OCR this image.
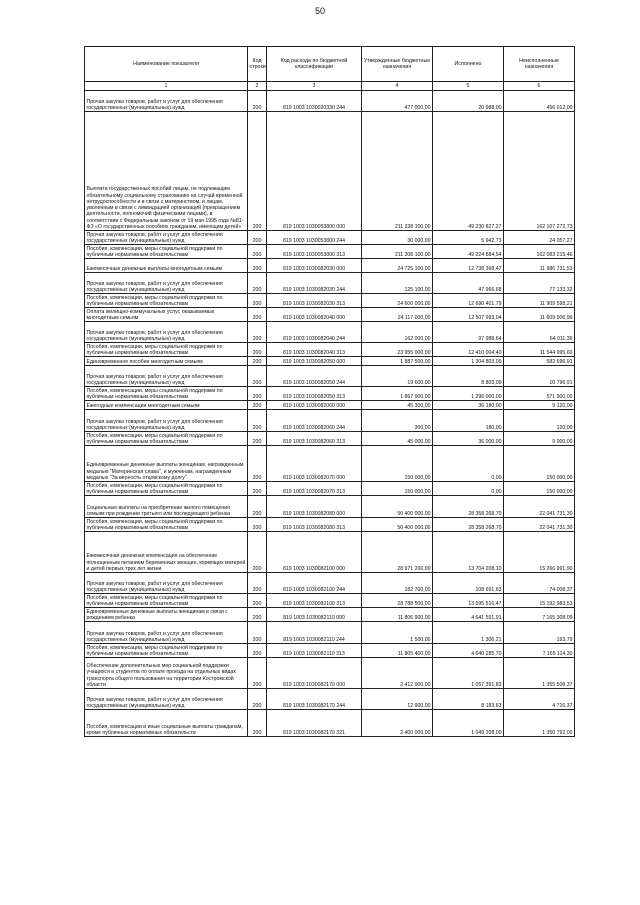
50
Наименование показателя	Код строки	Код расхода по бюджетной классификации	Утвержденные бюджетные назначения	Исполнено	Неисполненные назначения
1	2	3	4	5	6
Прочая закупка товаров, работ и услуг для обеспечения государственных (муниципальных) нужд	200	819 1003 1030020330 244	477 000,00	20 988,00	456 012,00
Выплата государственных пособий лицам, не подлежащим обязательному социальному страхованию на случай временной нетрудоспособности и в связи с материнством, и лицам, уволенным в связи с ликвидацией организаций (прекращением деятельности, полномочий физическими лицами), в соответствии с Федеральным законом от 19 мая 1995 года №81-ФЗ «О государственных пособиях гражданам, имеющим детей»	200	819 1003 1030053800 000	211 338 100,00	49 230 827,27	162 107 272,73
Прочая закупка товаров, работ и услуг для обеспечения государственных (муниципальных) нужд	200	819 1003 1030053800 244	30 000,00	5 942,73	24 057,27
Пособия, компенсации, меры социальной поддержки по публичным нормативным обязательствам	200	819 1003 1030053800 313	211 308 100,00	49 224 884,54	162 083 215,46
Ежемесячные денежные выплаты многодетным семьям	200	819 1003 1030082030 000	24 725 100,00	12 738 368,47	11 986 731,53
Прочая закупка товаров, работ и услуг для обеспечения государственных (муниципальных) нужд	200	819 1003 1030082030 244	125 100,00	47 966,68	77 133,32
Пособия, компенсации, меры социальной поддержки по публичным нормативным обязательствам	200	819 1003 1030082030 313	24 600 000,00	12 690 401,79	11 909 598,21
Оплата жилищно-коммунальных услуг, оказываемых многодетным семьям	200	819 1003 1030082040 000	24 117 000,00	12 507 993,04	11 609 006,96
Прочая закупка товаров, работ и услуг для обеспечения государственных (муниципальных) нужд	200	819 1003 1030082040 244	162 000,00	97 988,64	64 011,36
Пособия, компенсации, меры социальной поддержки по публичным нормативным обязательствам	200	819 1003 1030082040 313	23 955 000,00	12 410 004,40	11 544 995,60
Единовременное пособие многодетным семьям	200	819 1003 1030082050 000	1 887 500,00	1 304 803,09	582 696,91
Прочая закупка товаров, работ и услуг для обеспечения государственных (муниципальных) нужд	200	819 1003 1030082050 244	19 600,00	8 803,09	10 796,91
Пособия, компенсации, меры социальной поддержки по публичным нормативным обязательствам	200	819 1003 1030082050 313	1 867 900,00	1 296 000,00	571 900,00
Ежегодные компенсации многодетным семьям	200	819 1003 1030082060 000	45 300,00	36 180,00	9 120,00
Прочая закупка товаров, работ и услуг для обеспечения государственных (муниципальных) нужд	200	819 1003 1030082060 244	300,00	180,00	120,00
Пособия, компенсации, меры социальной поддержки по публичным нормативным обязательствам	200	819 1003 1030082060 313	45 000,00	36 000,00	9 000,00
Единовременные денежные выплаты женщинам, награжденным медалью "Материнская слава", и мужчинам, награжденным медалью "За верность отцовскому долгу"	200	819 1003 1030082070 000	150 000,00	0,00	150 000,00
Пособия, компенсации, меры социальной поддержки по публичным нормативным обязательствам	200	819 1003 1030082070 313	150 000,00	0,00	150 000,00
Социальные выплаты на приобретение жилого помещения семьям при рождении третьего или последующего ребенка	200	819 1003 1030082080 000	50 400 000,00	28 358 268,70	22 041 731,30
Пособия, компенсации, меры социальной поддержки по публичным нормативным обязательствам	200	819 1003 1030082080 313	50 400 000,00	28 358 268,70	22 041 731,30
Ежемесячная денежная компенсация на обеспечение полноценным питанием беременных женщин, кормящих матерей и детей первых трех лет жизни	200	819 1003 1030082100 000	28 971 200,00	13 704 208,10	15 266 991,90
Прочая закупка товаров, работ и услуг для обеспечения государственных (муниципальных) нужд	200	819 1003 1030082100 244	182 700,00	108 691,63	74 008,37
Пособия, компенсации, меры социальной поддержки по публичным нормативным обязательствам	200	819 1003 1030082100 313	28 788 500,00	13 595 516,47	15 192 983,53
Единовременные денежные выплаты женщинам в связи с рождением ребенка	200	819 1003 1030082110 000	11 806 900,00	4 641 591,91	7 165 308,09
Прочая закупка товаров, работ и услуг для обеспечения государственных (муниципальных) нужд	200	819 1003 1030082110 244	1 500,00	1 306,21	193,79
Пособия, компенсации, меры социальной поддержки по публичным нормативным обязательствам	200	819 1003 1030082110 313	11 805 400,00	4 640 285,70	7 165 114,30
Обеспечение дополнительных мер социальной поддержки учащихся и студентов по оплате проезда на отдельных видах транспорта общего пользования на территории Костромской области	200	819 1003 1030082170 000	2 412 900,00	1 057 391,83	1 355 508,37
Прочая закупка товаров, работ и услуг для обеспечения государственных (муниципальных) нужд	200	819 1003 1030082170 244	12 900,00	8 183,63	4 716,37
Пособия, компенсации и иные социальные выплаты гражданам, кроме публичных нормативных обязательств	200	819 1003 1030082170 321	2 400 000,00	1 049 208,00	1 350 792,00
